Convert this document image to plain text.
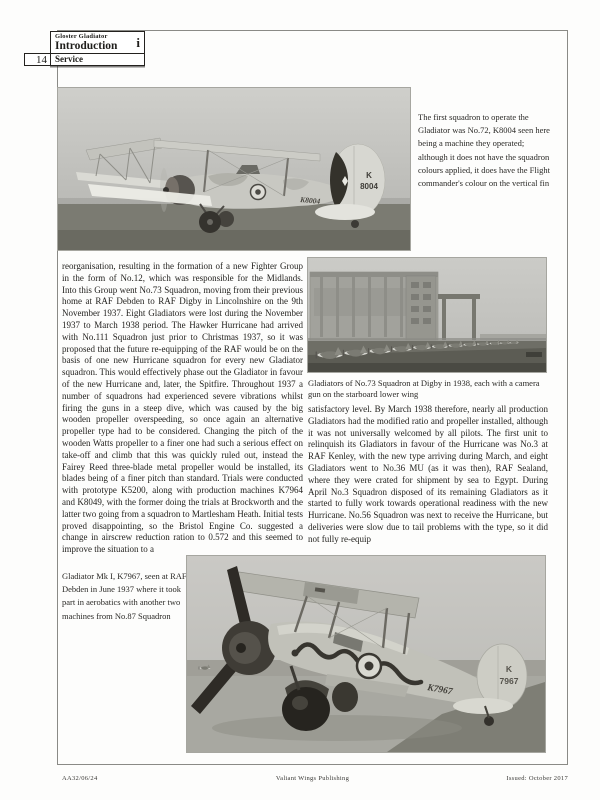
Gloster Gladiator
Introduction	i
14 Service
K8004
K
8004
The first squadron to operate the Gladiator was No.72, K8004 seen here being a machine they operated; although it does not have the squadron colours applied, it does have the Flight commander's colour on the vertical fin
reorganisation, resulting in the formation of a new Fighter Group in the form of No.12, which was responsible for the Midlands. Into this Group went No.73 Squadron, moving from their previous home at RAF Debden to RAF Digby in Lincolnshire on the 9th November 1937. Eight Gladiators were lost during the November 1937 to March 1938 period. The Hawker Hurricane had arrived with No.111 Squadron just prior to Christmas 1937, so it was proposed that the future re-equipping of the RAF would be on the basis of one new Hurricane squadron for every new Gladiator squadron. This would effectively phase out the Gladiator in favour of the new Hurricane and, later, the Spitfire. Throughout 1937 a number of squadrons had experienced severe vibrations whilst firing the guns in a steep dive, which was caused by the big wooden propeller overspeeding, so once again an alternative propeller type had to be considered. Changing the pitch of the wooden Watts propeller to a finer one had such a serious effect on take-off and climb that this was quickly ruled out, instead the Fairey Reed three-blade metal propeller would be installed, its blades being of a finer pitch than standard. Trials were conducted with prototype K5200, along with production machines K7964 and K8049, with the former doing the trials at Brockworth and the latter two going from a squadron to Martlesham Heath. Initial tests proved disappointing, so the Bristol Engine Co. suggested a change in airscrew reduction ration to 0.572 and this seemed to improve the situation to a
Gladiators of No.73 Squadron at Digby in 1938, each with a camera gun on the starboard lower wing
satisfactory level. By March 1938 therefore, nearly all production Gladiators had the modified ratio and propeller installed, although it was not universally welcomed by all pilots. The first unit to relinquish its Gladiators in favour of the Hurricane was No.3 at RAF Kenley, with the new type arriving during March, and eight Gladiators went to No.36 MU (as it was then), RAF Sealand, where they were crated for shipment by sea to Egypt. During April No.3 Squadron disposed of its remaining Gladiators as it started to fully work towards operational readiness with the new Hurricane. No.56 Squadron was next to receive the Hurricane, but deliveries were slow due to tail problems with the type, so it did not fully re-equip
Gladiator Mk I, K7967, seen at RAF Debden in June 1937 where it took part in aerobatics with another two machines from No.87 Squadron
K7967
K
7967
AA32/06/24	Valiant Wings Publishing	Issued: October 2017
